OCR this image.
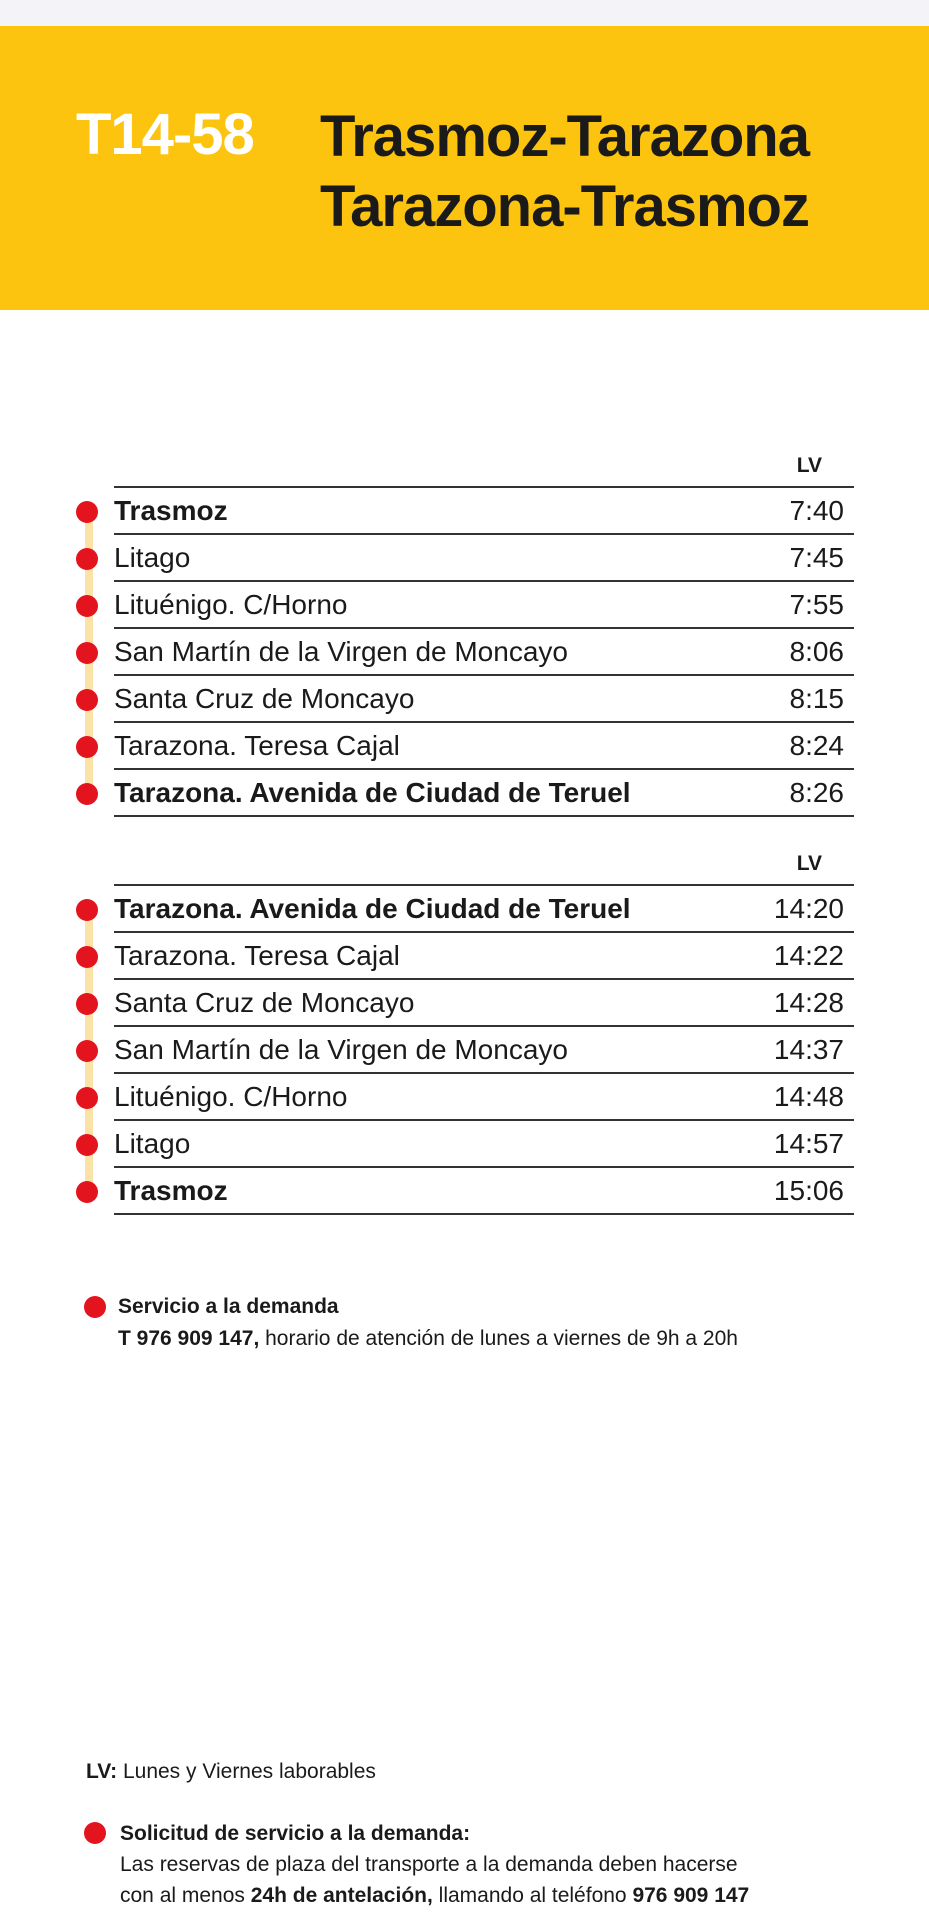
T14-58 Trasmoz-Tarazona
Tarazona-Trasmoz
LV
Trasmoz	7:40
Litago	7:45
Lituénigo. C/Horno	7:55
San Martín de la Virgen de Moncayo	8:06
Santa Cruz de Moncayo	8:15
Tarazona. Teresa Cajal	8:24
Tarazona. Avenida de Ciudad de Teruel	8:26
LV
Tarazona. Avenida de Ciudad de Teruel	14:20
Tarazona. Teresa Cajal	14:22
Santa Cruz de Moncayo	14:28
San Martín de la Virgen de Moncayo	14:37
Lituénigo. C/Horno	14:48
Litago	14:57
Trasmoz	15:06
Servicio a la demanda
T 976 909 147, horario de atención de lunes a viernes de 9h a 20h
LV: Lunes y Viernes laborables
Solicitud de servicio a la demanda:
Las reservas de plaza del transporte a la demanda deben hacerse
con al menos 24h de antelación, llamando al teléfono 976 909 147
